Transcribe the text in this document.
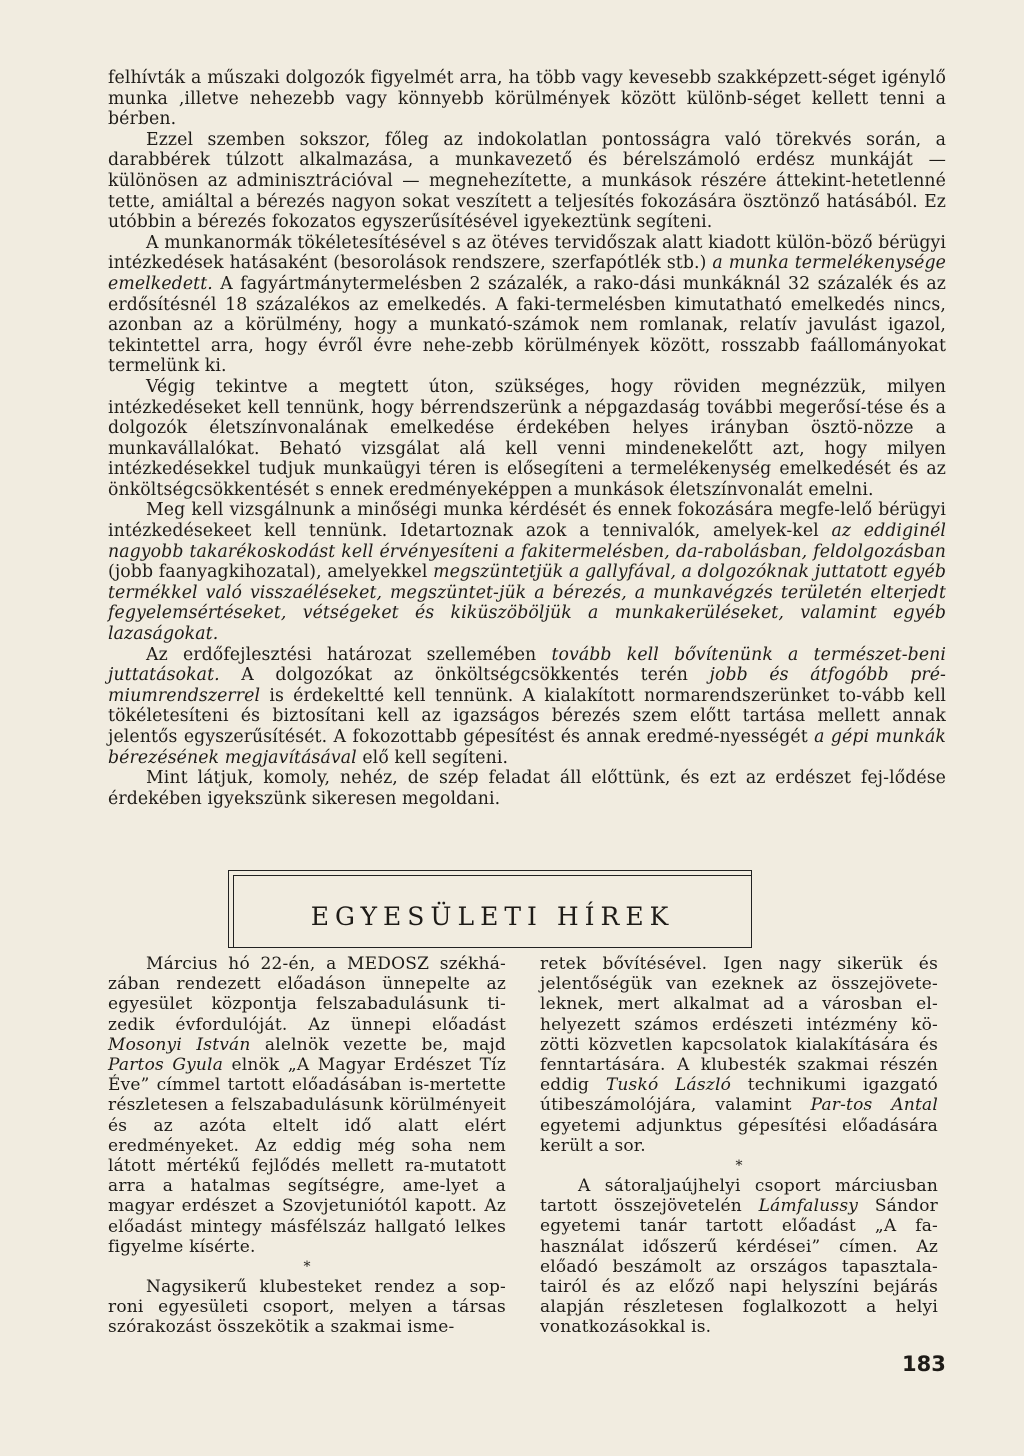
felhívták a műszaki dolgozók figyelmét arra, ha több vagy kevesebb szakképzett-séget igénylő munka ,illetve nehezebb vagy könnyebb körülmények között különb-séget kellett tenni a bérben.

Ezzel szemben sokszor, főleg az indokolatlan pontosságra való törekvés során, a darabbérek túlzott alkalmazása, a munkavezető és bérelszámoló erdész munkáját — különösen az adminisztrációval — megnehezítette, a munkások részére áttekint-hetetlenné tette, amiáltal a bérezés nagyon sokat veszített a teljesítés fokozására ösztönző hatásából. Ez utóbbin a bérezés fokozatos egyszerűsítésével igyekeztünk segíteni.

A munkanormák tökéletesítésével s az ötéves tervidőszak alatt kiadott külön-böző bérügyi intézkedések hatásaként (besorolások rendszere, szerfapótlék stb.) a munka termelékenysége emelkedett. A fagyártmánytermelésben 2 százalék, a rako-dási munkáknál 32 százalék és az erdősítésnél 18 százalékos az emelkedés. A faki-termelésben kimutatható emelkedés nincs, azonban az a körülmény, hogy a munkató-számok nem romlanak, relatív javulást igazol, tekintettel arra, hogy évről évre nehe-zebb körülmények között, rosszabb faállományokat termelünk ki.

Végig tekintve a megtett úton, szükséges, hogy röviden megnézzük, milyen intézkedéseket kell tennünk, hogy bérrendszerünk a népgazdaság további megerősí-tése és a dolgozók életszínvonalának emelkedése érdekében helyes irányban ösztö-nözze a munkavállalókat. Beható vizsgálat alá kell venni mindenekelőtt azt, hogy milyen intézkedésekkel tudjuk munkaügyi téren is elősegíteni a termelékenység emelkedését és az önköltségcsökkentését s ennek eredményeképpen a munkások életszínvonalát emelni.

Meg kell vizsgálnunk a minőségi munka kérdését és ennek fokozására megfe-lelő bérügyi intézkedésekeet kell tennünk. Idetartoznak azok a tennivalók, amelyek-kel az eddiginél nagyobb takarékoskodást kell érvényesíteni a fakitermelésben, da-rabolásban, feldolgozásban (jobb faanyagkihozatal), amelyekkel megszüntetjük a gallyfával, a dolgozóknak juttatott egyéb termékkel való visszaéléseket, megszüntet-jük a bérezés, a munkavégzés területén elterjedt fegyelemsértéseket, vétségeket és kiküszöböljük a munkakerüléseket, valamint egyéb lazaságokat.

Az erdőfejlesztési határozat szellemében tovább kell bővítenünk a természet-beni juttatásokat. A dolgozókat az önköltségcsökkentés terén jobb és átfogóbb pré-miumrendszerrel is érdekeltté kell tennünk. A kialakított normarendszerünket to-vább kell tökéletesíteni és biztosítani kell az igazságos bérezés szem előtt tartása mellett annak jelentős egyszerűsítését. A fokozottabb gépesítést és annak eredmé-nyességét a gépi munkák bérezésének megjavításával elő kell segíteni.

Mint látjuk, komoly, nehéz, de szép feladat áll előttünk, és ezt az erdészet fej-lődése érdekében igyekszünk sikeresen megoldani.

EGYESÜLETI HÍREK

Március hó 22-én, a MEDOSZ székhá-zában rendezett előadáson ünnepelte az egyesület központja felszabadulásunk ti-zedik évfordulóját. Az ünnepi előadást Mosonyi István alelnök vezette be, majd Partos Gyula elnök „A Magyar Erdészet Tíz Éve” címmel tartott előadásában is-mertette részletesen a felszabadulásunk körülményeit és az azóta eltelt idő alatt elért eredményeket. Az eddig még soha nem látott mértékű fejlődés mellett ra-mutatott arra a hatalmas segítségre, ame-lyet a magyar erdészet a Szovjetuniótól kapott. Az előadást mintegy másfélszáz hallgató lelkes figyelme kísérte.

*

Nagysikerű klubesteket rendez a sop-roni egyesületi csoport, melyen a társas szórakozást összekötik a szakmai isme-

retek bővítésével. Igen nagy sikerük és jelentőségük van ezeknek az összejövete-leknek, mert alkalmat ad a városban el-helyezett számos erdészeti intézmény kö-zötti közvetlen kapcsolatok kialakítására és fenntartására. A klubesték szakmai részén eddig Tuskó László technikumi igazgató útibeszámolójára, valamint Par-tos Antal egyetemi adjunktus gépesítési előadására került a sor.

*

A sátoraljaújhelyi csoport márciusban tartott összejövetelén Lámfalussy Sándor egyetemi tanár tartott előadást „A fa-használat időszerű kérdései” címen. Az előadó beszámolt az országos tapasztala-tairól és az előző napi helyszíni bejárás alapján részletesen foglalkozott a helyi vonatkozásokkal is.

183
